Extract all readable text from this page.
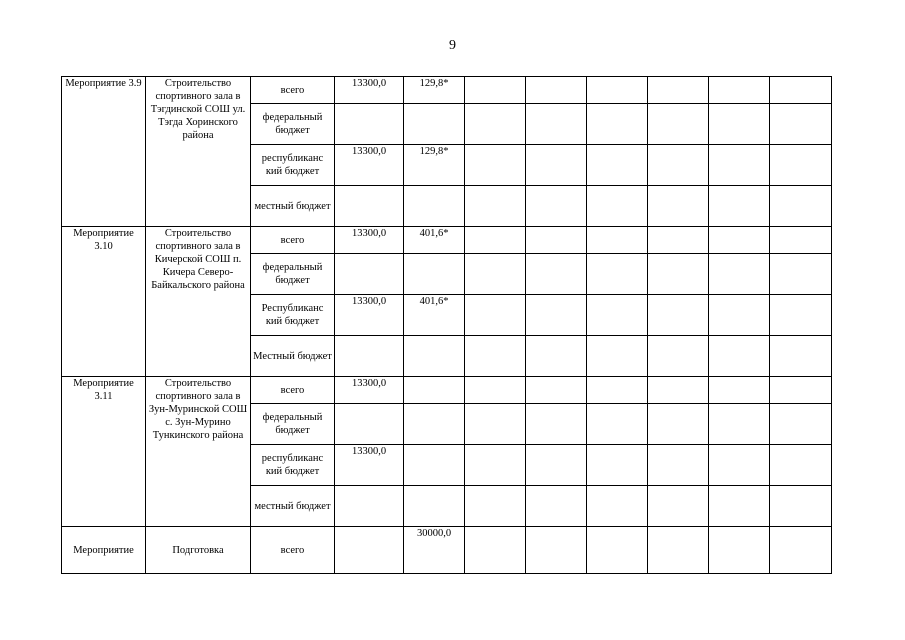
9
Мероприятие 3.9	Строительство спортивного зала в Тэгдинской СОШ ул. Тэгда Хоринского района	всего	13300,0	129,8*						
		федеральный бюджет								
		республиканс кий бюджет	13300,0	129,8*						
		местный бюджет								
Мероприятие 3.10	Строительство спортивного зала в Кичерской СОШ п. Кичера Северо-Байкальского района	всего	13300,0	401,6*						
		федеральный бюджет								
		Республиканс кий бюджет	13300,0	401,6*						
		Местный бюджет								
Мероприятие 3.11	Строительство спортивного зала в Зун-Муринской СОШ с. Зун-Мурино Тункинского района	всего	13300,0							
		федеральный бюджет								
		республиканс кий бюджет	13300,0							
		местный бюджет								
Мероприятие	Подготовка	всего		30000,0						
